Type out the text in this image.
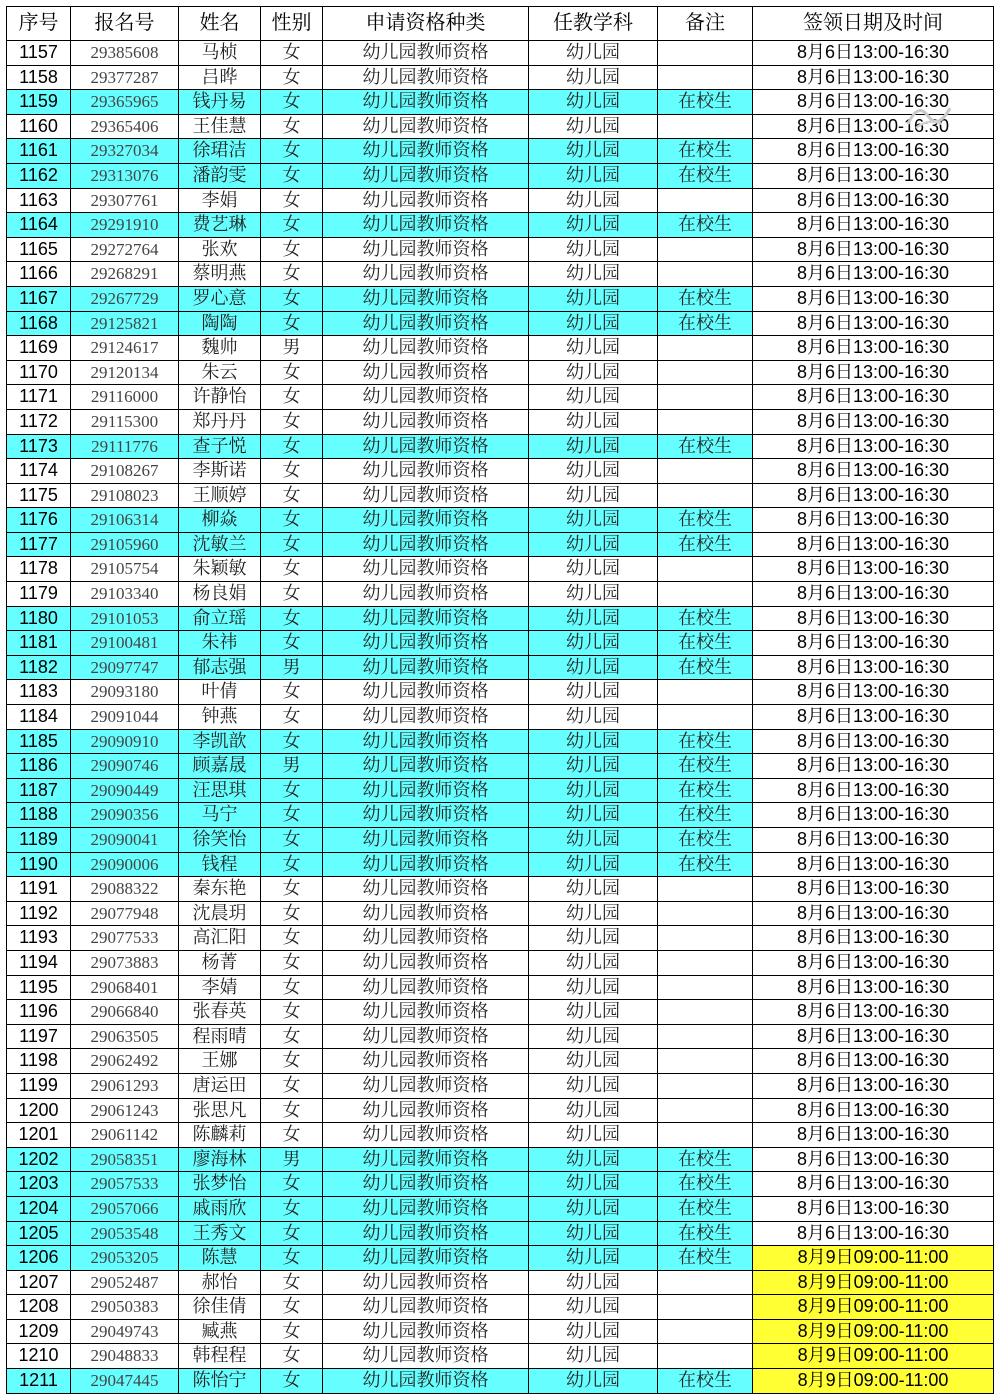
序号	报名号	姓名	性别	申请资格种类	任教学科	备注	签领日期及时间
1157	29385608	马桢	女	幼儿园教师资格	幼儿园		8月6日13:00-16:30
1158	29377287	吕晔	女	幼儿园教师资格	幼儿园		8月6日13:00-16:30
1159	29365965	钱丹易	女	幼儿园教师资格	幼儿园	在校生	8月6日13:00-16:30
1160	29365406	王佳慧	女	幼儿园教师资格	幼儿园		8月6日13:00-16:30
1161	29327034	徐珺洁	女	幼儿园教师资格	幼儿园	在校生	8月6日13:00-16:30
1162	29313076	潘韵雯	女	幼儿园教师资格	幼儿园	在校生	8月6日13:00-16:30
1163	29307761	李娟	女	幼儿园教师资格	幼儿园		8月6日13:00-16:30
1164	29291910	费艺琳	女	幼儿园教师资格	幼儿园	在校生	8月6日13:00-16:30
1165	29272764	张欢	女	幼儿园教师资格	幼儿园		8月6日13:00-16:30
1166	29268291	蔡明燕	女	幼儿园教师资格	幼儿园		8月6日13:00-16:30
1167	29267729	罗心意	女	幼儿园教师资格	幼儿园	在校生	8月6日13:00-16:30
1168	29125821	陶陶	女	幼儿园教师资格	幼儿园	在校生	8月6日13:00-16:30
1169	29124617	魏帅	男	幼儿园教师资格	幼儿园		8月6日13:00-16:30
1170	29120134	朱云	女	幼儿园教师资格	幼儿园		8月6日13:00-16:30
1171	29116000	许静怡	女	幼儿园教师资格	幼儿园		8月6日13:00-16:30
1172	29115300	郑丹丹	女	幼儿园教师资格	幼儿园		8月6日13:00-16:30
1173	29111776	查子悦	女	幼儿园教师资格	幼儿园	在校生	8月6日13:00-16:30
1174	29108267	李斯诺	女	幼儿园教师资格	幼儿园		8月6日13:00-16:30
1175	29108023	王顺婷	女	幼儿园教师资格	幼儿园		8月6日13:00-16:30
1176	29106314	柳焱	女	幼儿园教师资格	幼儿园	在校生	8月6日13:00-16:30
1177	29105960	沈敏兰	女	幼儿园教师资格	幼儿园	在校生	8月6日13:00-16:30
1178	29105754	朱颖敏	女	幼儿园教师资格	幼儿园		8月6日13:00-16:30
1179	29103340	杨良娟	女	幼儿园教师资格	幼儿园		8月6日13:00-16:30
1180	29101053	俞立瑶	女	幼儿园教师资格	幼儿园	在校生	8月6日13:00-16:30
1181	29100481	朱祎	女	幼儿园教师资格	幼儿园	在校生	8月6日13:00-16:30
1182	29097747	郁志强	男	幼儿园教师资格	幼儿园	在校生	8月6日13:00-16:30
1183	29093180	叶倩	女	幼儿园教师资格	幼儿园		8月6日13:00-16:30
1184	29091044	钟燕	女	幼儿园教师资格	幼儿园		8月6日13:00-16:30
1185	29090910	李凯歆	女	幼儿园教师资格	幼儿园	在校生	8月6日13:00-16:30
1186	29090746	顾嘉晟	男	幼儿园教师资格	幼儿园	在校生	8月6日13:00-16:30
1187	29090449	汪思琪	女	幼儿园教师资格	幼儿园	在校生	8月6日13:00-16:30
1188	29090356	马宁	女	幼儿园教师资格	幼儿园	在校生	8月6日13:00-16:30
1189	29090041	徐笑怡	女	幼儿园教师资格	幼儿园	在校生	8月6日13:00-16:30
1190	29090006	钱程	女	幼儿园教师资格	幼儿园	在校生	8月6日13:00-16:30
1191	29088322	秦东艳	女	幼儿园教师资格	幼儿园		8月6日13:00-16:30
1192	29077948	沈晨玥	女	幼儿园教师资格	幼儿园		8月6日13:00-16:30
1193	29077533	高汇阳	女	幼儿园教师资格	幼儿园		8月6日13:00-16:30
1194	29073883	杨菁	女	幼儿园教师资格	幼儿园		8月6日13:00-16:30
1195	29068401	李婧	女	幼儿园教师资格	幼儿园		8月6日13:00-16:30
1196	29066840	张春英	女	幼儿园教师资格	幼儿园		8月6日13:00-16:30
1197	29063505	程雨晴	女	幼儿园教师资格	幼儿园		8月6日13:00-16:30
1198	29062492	王娜	女	幼儿园教师资格	幼儿园		8月6日13:00-16:30
1199	29061293	唐运田	女	幼儿园教师资格	幼儿园		8月6日13:00-16:30
1200	29061243	张思凡	女	幼儿园教师资格	幼儿园		8月6日13:00-16:30
1201	29061142	陈麟莉	女	幼儿园教师资格	幼儿园		8月6日13:00-16:30
1202	29058351	廖海林	男	幼儿园教师资格	幼儿园	在校生	8月6日13:00-16:30
1203	29057533	张梦怡	女	幼儿园教师资格	幼儿园	在校生	8月6日13:00-16:30
1204	29057066	戚雨欣	女	幼儿园教师资格	幼儿园	在校生	8月6日13:00-16:30
1205	29053548	王秀文	女	幼儿园教师资格	幼儿园	在校生	8月6日13:00-16:30
1206	29053205	陈慧	女	幼儿园教师资格	幼儿园	在校生	8月9日09:00-11:00
1207	29052487	郝怡	女	幼儿园教师资格	幼儿园		8月9日09:00-11:00
1208	29050383	徐佳倩	女	幼儿园教师资格	幼儿园		8月9日09:00-11:00
1209	29049743	臧燕	女	幼儿园教师资格	幼儿园		8月9日09:00-11:00
1210	29048833	韩程程	女	幼儿园教师资格	幼儿园		8月9日09:00-11:00
1211	29047445	陈怡宁	女	幼儿园教师资格	幼儿园	在校生	8月9日09:00-11:00
